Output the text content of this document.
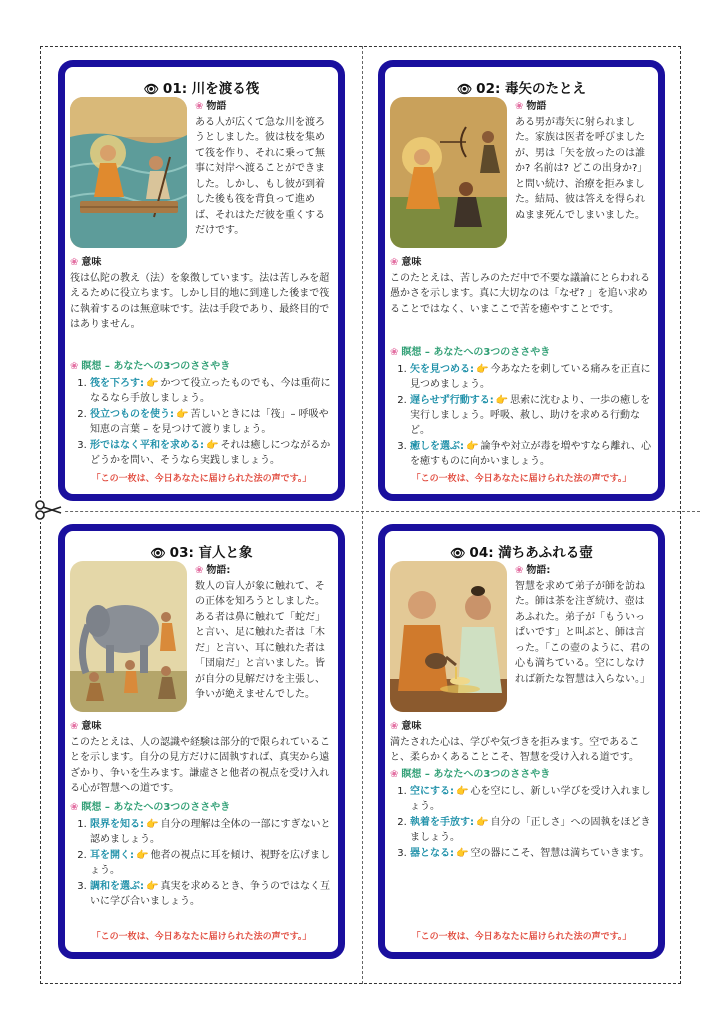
👁 01: 川を渡る筏
❀ 物語

ある人が広くて急な川を渡ろうとしました。彼は枝を集めて筏を作り、それに乗って無事に対岸へ渡ることができました。しかし、もし彼が到着した後も筏を背負って進めば、それはただ彼を重くするだけです。

❀ 意味

筏は仏陀の教え（法）を象徴しています。法は苦しみを超えるために役立ちます。しかし目的地に到達した後まで筏に執着するのは無意味です。法は手段であり、最終目的ではありません。

❀ 瞑想 – あなたへの3つのささやき
1. 筏を下ろす: 👉 かつて役立ったものでも、今は重荷になるなら手放しましょう。
2. 役立つものを使う: 👉 苦しいときには「筏」– 呼吸や知恵の言葉 – を見つけて渡りましょう。
3. 形ではなく平和を求める: 👉 それは癒しにつながるかどうかを問い、そうなら実践しましょう。
「この一枚は、今日あなたに届けられた法の声です。」
👁 02: 毒矢のたとえ
❀ 物語

ある男が毒矢に射られました。家族は医者を呼びましたが、男は「矢を放ったのは誰か? 名前は? どこの出身か?」と問い続け、治療を拒みました。結局、彼は答えを得られぬまま死んでしまいました。

❀ 意味

このたとえは、苦しみのただ中で不要な議論にとらわれる愚かさを示します。真に大切なのは「なぜ? 」を追い求めることではなく、いまここで苦を癒やすことです。

❀ 瞑想 – あなたへの3つのささやき
1. 矢を見つめる: 👉 今あなたを刺している痛みを正直に見つめましょう。
2. 遅らせず行動する: 👉 思索に沈むより、一歩の癒しを実行しましょう。呼吸、赦し、助けを求める行動など。
3. 癒しを選ぶ: 👉 論争や対立が毒を増やすなら離れ、心を癒すものに向かいましょう。
「この一枚は、今日あなたに届けられた法の声です。」
👁 03: 盲人と象
❀ 物語:

数人の盲人が象に触れて、その正体を知ろうとしました。ある者は鼻に触れて「蛇だ」と言い、足に触れた者は「木だ」と言い、耳に触れた者は「団扇だ」と言いました。皆が自分の見解だけを主張し、争いが絶えませんでした。

❀ 意味

このたとえは、人の認識や経験は部分的で限られていることを示します。自分の見方だけに固執すれば、真実から遠ざかり、争いを生みます。謙虚さと他者の視点を受け入れる心が智慧への道です。

❀ 瞑想 – あなたへの3つのささやき
1. 限界を知る: 👉 自分の理解は全体の一部にすぎないと認めましょう。
2. 耳を開く: 👉 他者の視点に耳を傾け、視野を広げましょう。
3. 調和を選ぶ: 👉 真実を求めるとき、争うのではなく互いに学び合いましょう。
「この一枚は、今日あなたに届けられた法の声です。」
👁 04: 満ちあふれる壺
❀ 物語:

智慧を求めて弟子が師を訪ねた。師は茶を注ぎ続け、壺はあふれた。弟子が「もういっぱいです」と叫ぶと、師は言った。「この壺のように、君の心も満ちている。空にしなければ新たな智慧は入らない。」

❀ 意味

満たされた心は、学びや気づきを拒みます。空であること、柔らかくあることこそ、智慧を受け入れる道です。

❀ 瞑想 – あなたへの3つのささやき
1. 空にする: 👉 心を空にし、新しい学びを受け入れましょう。
2. 執着を手放す: 👉 自分の「正しさ」への固執をほどきましょう。
3. 器となる: 👉 空の器にこそ、智慧は満ちていきます。
「この一枚は、今日あなたに届けられた法の声です。」
